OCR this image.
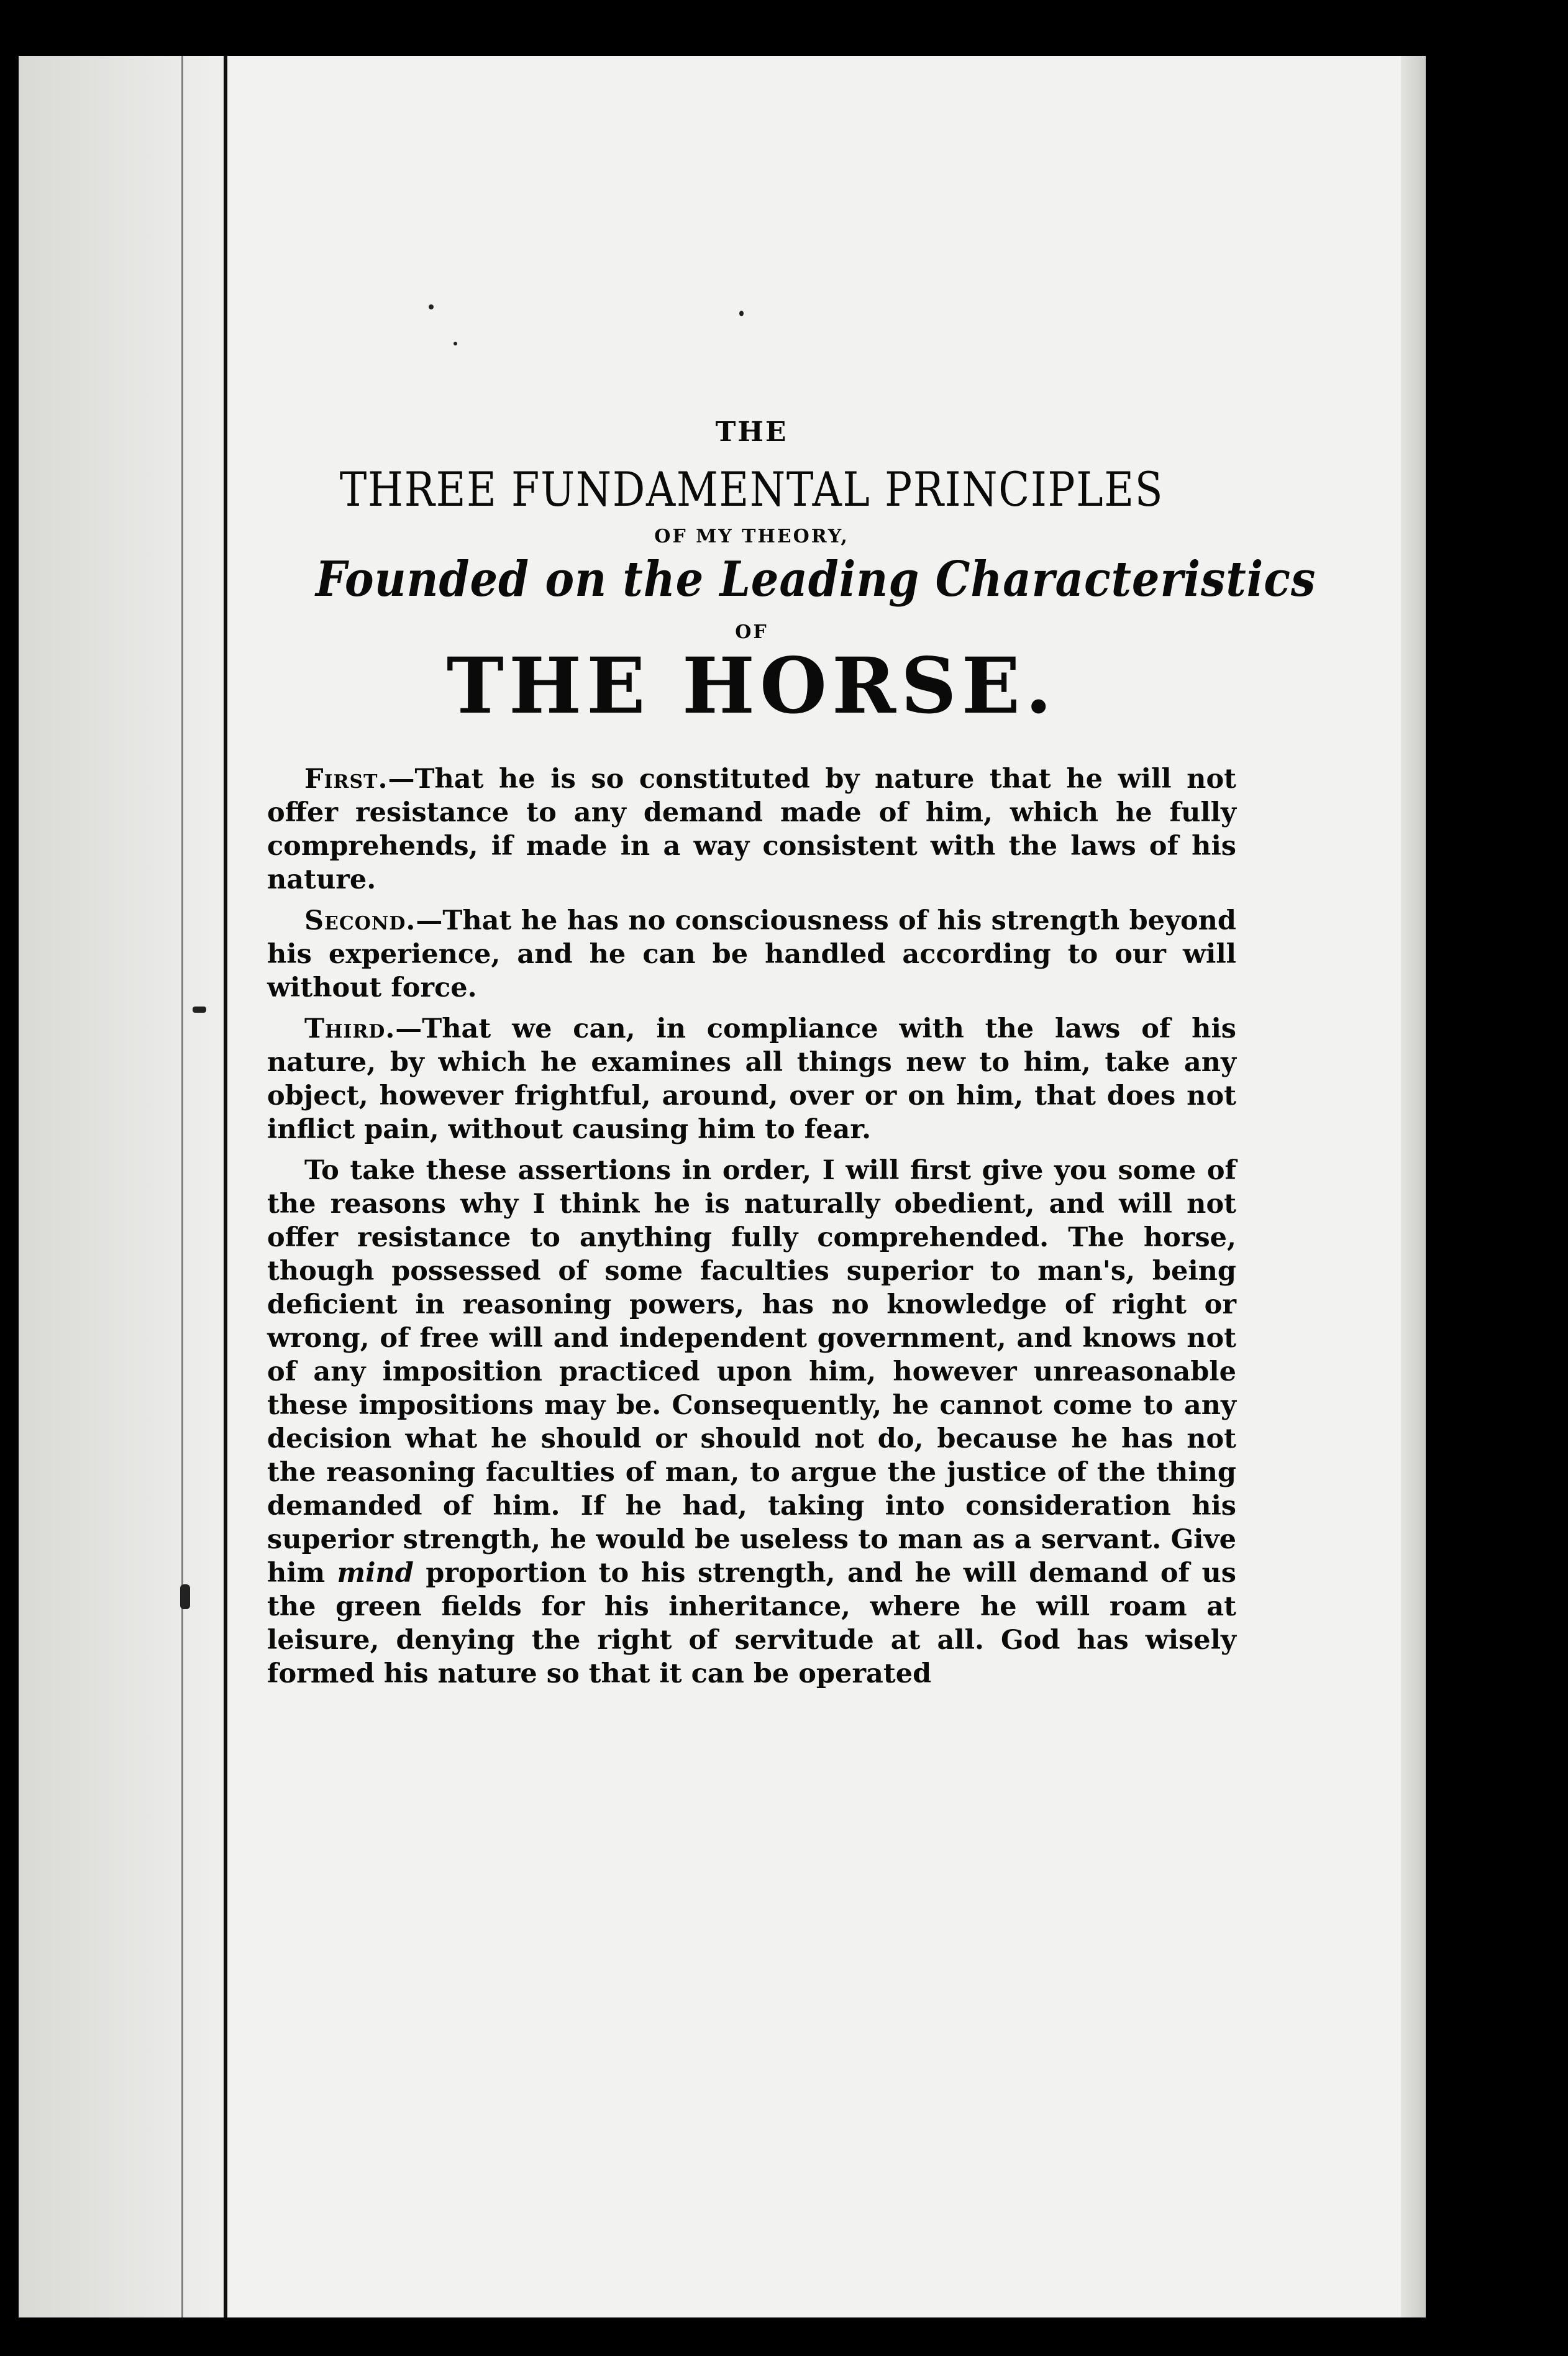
THE
THREE FUNDAMENTAL PRINCIPLES
OF MY THEORY,
Founded on the Leading Characteristics
OF
THE HORSE.

First.—That he is so constituted by nature that he will not offer resistance to any demand made of him, which he fully comprehends, if made in a way consistent with the laws of his nature.

Second.—That he has no consciousness of his strength beyond his experience, and he can be handled according to our will without force.

Third.—That we can, in compliance with the laws of his nature, by which he examines all things new to him, take any object, however frightful, around, over or on him, that does not inflict pain, without causing him to fear.

To take these assertions in order, I will first give you some of the reasons why I think he is naturally obedient, and will not offer resistance to anything fully comprehended. The horse, though possessed of some faculties superior to man's, being deficient in reasoning powers, has no knowledge of right or wrong, of free will and independent government, and knows not of any imposition practiced upon him, however unreasonable these impositions may be. Consequently, he cannot come to any decision what he should or should not do, because he has not the reasoning faculties of man, to argue the justice of the thing demanded of him. If he had, taking into consideration his superior strength, he would be useless to man as a servant. Give him mind proportion to his strength, and he will demand of us the green fields for his inheritance, where he will roam at leisure, denying the right of servitude at all. God has wisely formed his nature so that it can be operated
